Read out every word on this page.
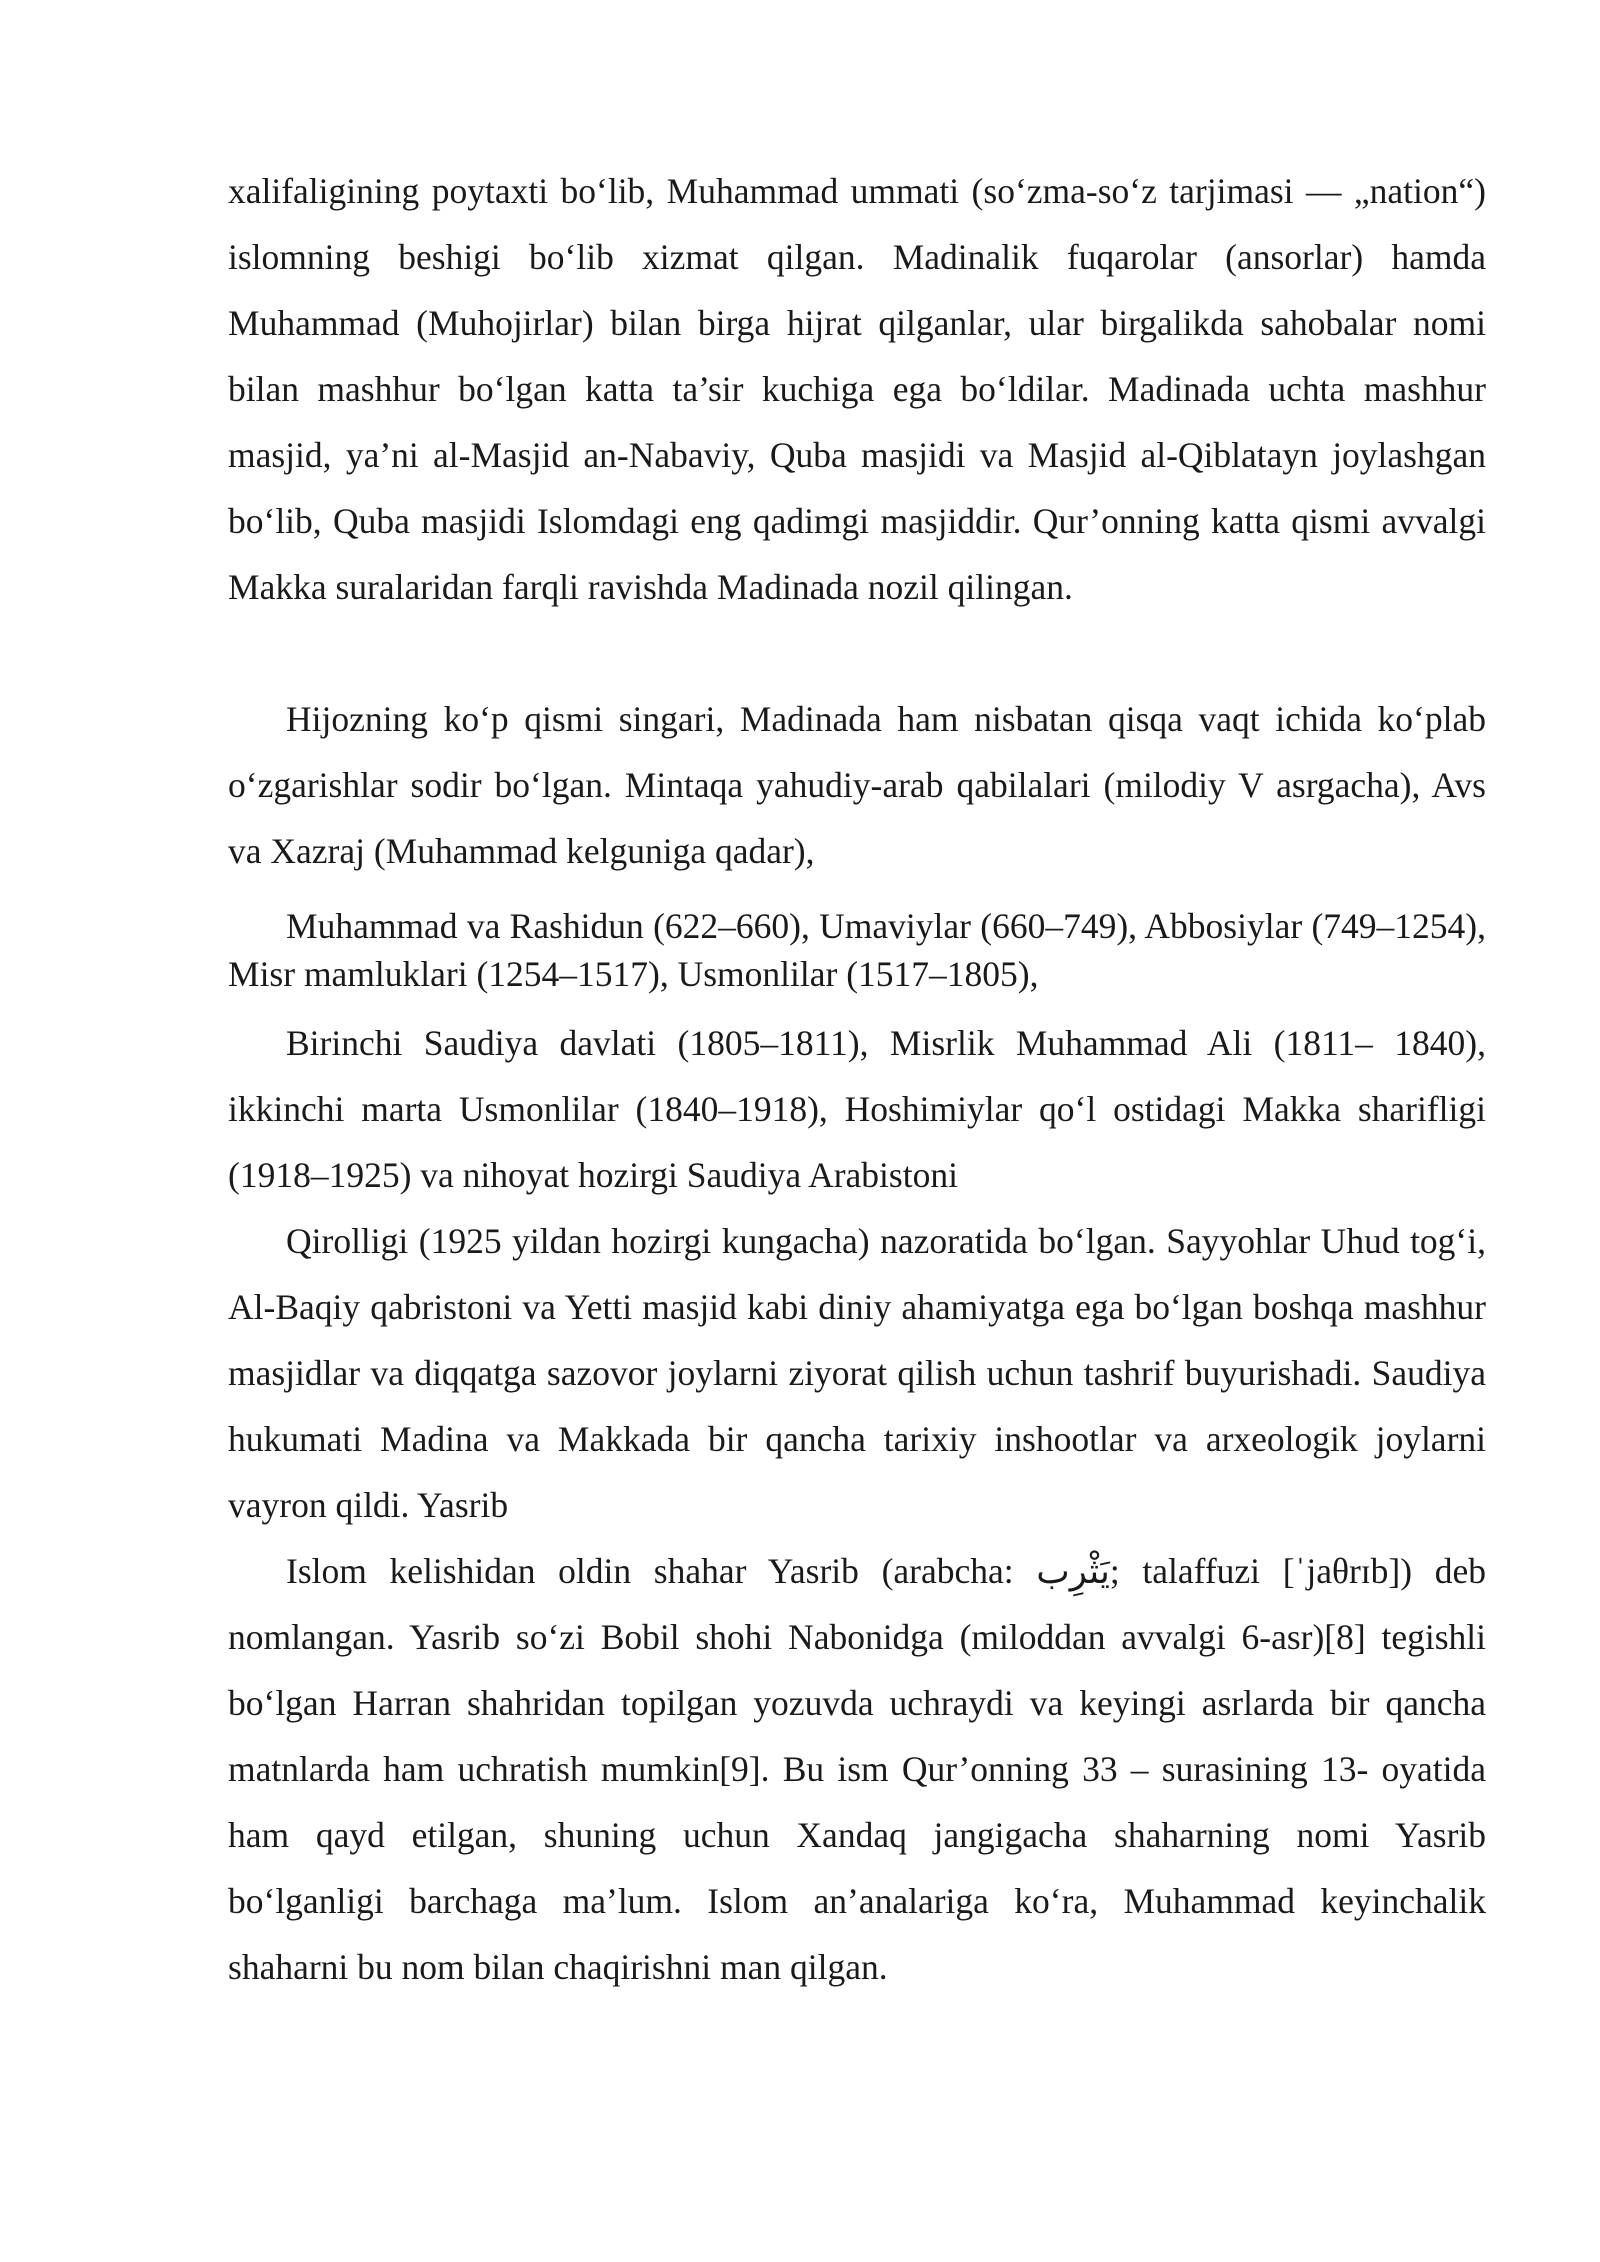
xalifaligining poytaxti bo‘lib, Muhammad ummati (so‘zma-so‘z tarjimasi — „nation“) islomning beshigi bo‘lib xizmat qilgan. Madinalik fuqarolar (ansorlar) hamda Muhammad (Muhojirlar) bilan birga hijrat qilganlar, ular birgalikda sahobalar nomi bilan mashhur bo‘lgan katta ta’sir kuchiga ega bo‘ldilar. Madinada uchta mashhur masjid, ya’ni al-Masjid an-Nabaviy, Quba masjidi va Masjid al-Qiblatayn joylashgan bo‘lib, Quba masjidi Islomdagi eng qadimgi masjiddir. Qur’onning katta qismi avvalgi Makka suralaridan farqli ravishda Madinada nozil qilingan.

Hijozning ko‘p qismi singari, Madinada ham nisbatan qisqa vaqt ichida ko‘plab o‘zgarishlar sodir bo‘lgan. Mintaqa yahudiy-arab qabilalari (milodiy V asrgacha), Avs va Xazraj (Muhammad kelguniga qadar),

Muhammad va Rashidun (622–660), Umaviylar (660–749), Abbosiylar (749–1254), Misr mamluklari (1254–1517), Usmonlilar (1517–1805),

Birinchi Saudiya davlati (1805–1811), Misrlik Muhammad Ali (1811– 1840), ikkinchi marta Usmonlilar (1840–1918), Hoshimiylar qo‘l ostidagi Makka sharifligi (1918–1925) va nihoyat hozirgi Saudiya Arabistoni

Qirolligi (1925 yildan hozirgi kungacha) nazoratida bo‘lgan. Sayyohlar Uhud tog‘i, Al-Baqiy qabristoni va Yetti masjid kabi diniy ahamiyatga ega bo‘lgan boshqa mashhur masjidlar va diqqatga sazovor joylarni ziyorat qilish uchun tashrif buyurishadi. Saudiya hukumati Madina va Makkada bir qancha tarixiy inshootlar va arxeologik joylarni vayron qildi. Yasrib

Islom kelishidan oldin shahar Yasrib (arabcha: يَثْرِب; talaffuzi [ˈjaθrɪb]) deb nomlangan. Yasrib so‘zi Bobil shohi Nabonidga (miloddan avvalgi 6-asr)[8] tegishli bo‘lgan Harran shahridan topilgan yozuvda uchraydi va keyingi asrlarda bir qancha matnlarda ham uchratish mumkin[9]. Bu ism Qur’onning 33 – surasining 13- oyatida ham qayd etilgan, shuning uchun Xandaq jangigacha shaharning nomi Yasrib bo‘lganligi barchaga ma’lum. Islom an’analariga ko‘ra, Muhammad keyinchalik shaharni bu nom bilan chaqirishni man qilgan.
